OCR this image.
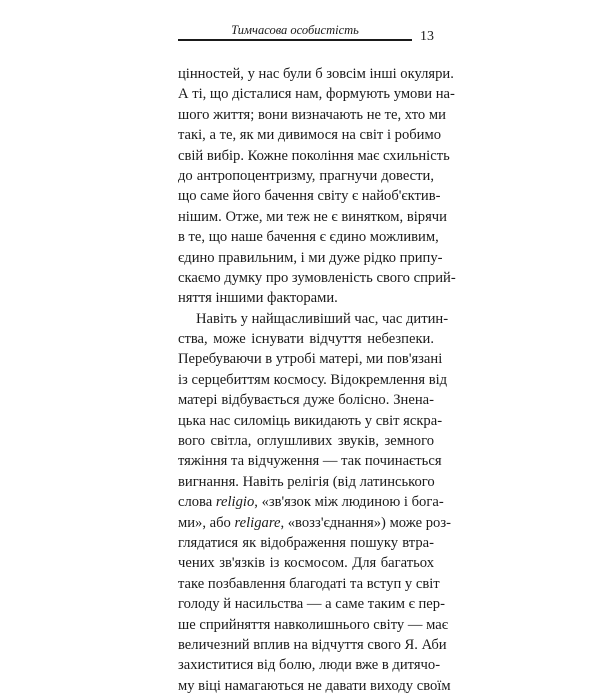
Тимчасова особистість	13
цінностей, у нас були б зовсім інші окуляри.
А ті, що дісталися нам, формують умови на-
шого життя; вони визначають не те, хто ми
такі, а те, як ми дивимося на світ і робимо
свій вибір. Кожне покоління має схильність
до антропоцентризму, прагнучи довести,
що саме його бачення світу є найоб'єктив-
нішим. Отже, ми теж не є винятком, вірячи
в те, що наше бачення є єдино можливим,
єдино правильним, і ми дуже рідко припу-
скаємо думку про зумовленість свого сприй-
няття іншими факторами.
Навіть у найщасливіший час, час дитин-
ства, може існувати відчуття небезпеки.
Перебуваючи в утробі матері, ми пов'язані
із серцебиттям космосу. Відокремлення від
матері відбувається дуже болісно. Знена-
цька нас силоміць викидають у світ яскра-
вого світла, оглушливих звуків, земного
тяжіння та відчуження — так починається
вигнання. Навіть релігія (від латинського
слова religio, «зв'язок між людиною і бога-
ми», або religare, «возз'єднання») може роз-
глядатися як відображення пошуку втра-
чених зв'язків із космосом. Для багатьох
таке позбавлення благодаті та вступ у світ
голоду й насильства — а саме таким є пер-
ше сприйняття навколишнього світу — має
величезний вплив на відчуття свого Я. Аби
захиститися від болю, люди вже в дитячо-
му віці намагаються не давати виходу своїм
